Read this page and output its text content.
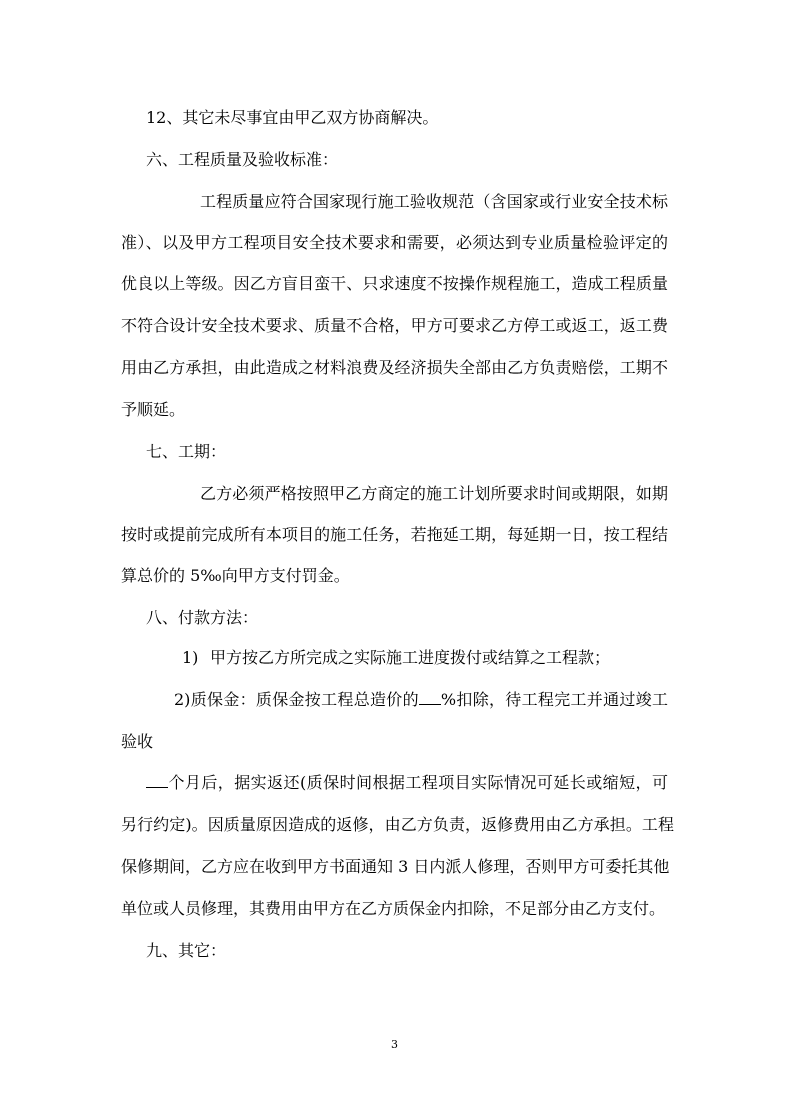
12、其它未尽事宜由甲乙双方协商解决。
六、工程质量及验收标准：
工程质量应符合国家现行施工验收规范（含国家或行业安全技术标
准）、以及甲方工程项目安全技术要求和需要，必须达到专业质量检验评定的
优良以上等级。因乙方盲目蛮干、只求速度不按操作规程施工，造成工程质量
不符合设计安全技术要求、质量不合格，甲方可要求乙方停工或返工，返工费
用由乙方承担，由此造成之材料浪费及经济损失全部由乙方负责赔偿，工期不
予顺延。
七、工期：
乙方必须严格按照甲乙方商定的施工计划所要求时间或期限，如期
按时或提前完成所有本项目的施工任务，若拖延工期，每延期一日，按工程结
算总价的 5‰向甲方支付罚金。
八、付款方法：
1) 甲方按乙方所完成之实际施工进度拨付或结算之工程款；
2)质保金：质保金按工程总造价的 %扣除，待工程完工并通过竣工
验收
个月后，据实返还(质保时间根据工程项目实际情况可延长或缩短，可
另行约定)。因质量原因造成的返修，由乙方负责，返修费用由乙方承担。工程
保修期间，乙方应在收到甲方书面通知 3 日内派人修理，否则甲方可委托其他
单位或人员修理，其费用由甲方在乙方质保金内扣除，不足部分由乙方支付。
九、其它：
3
